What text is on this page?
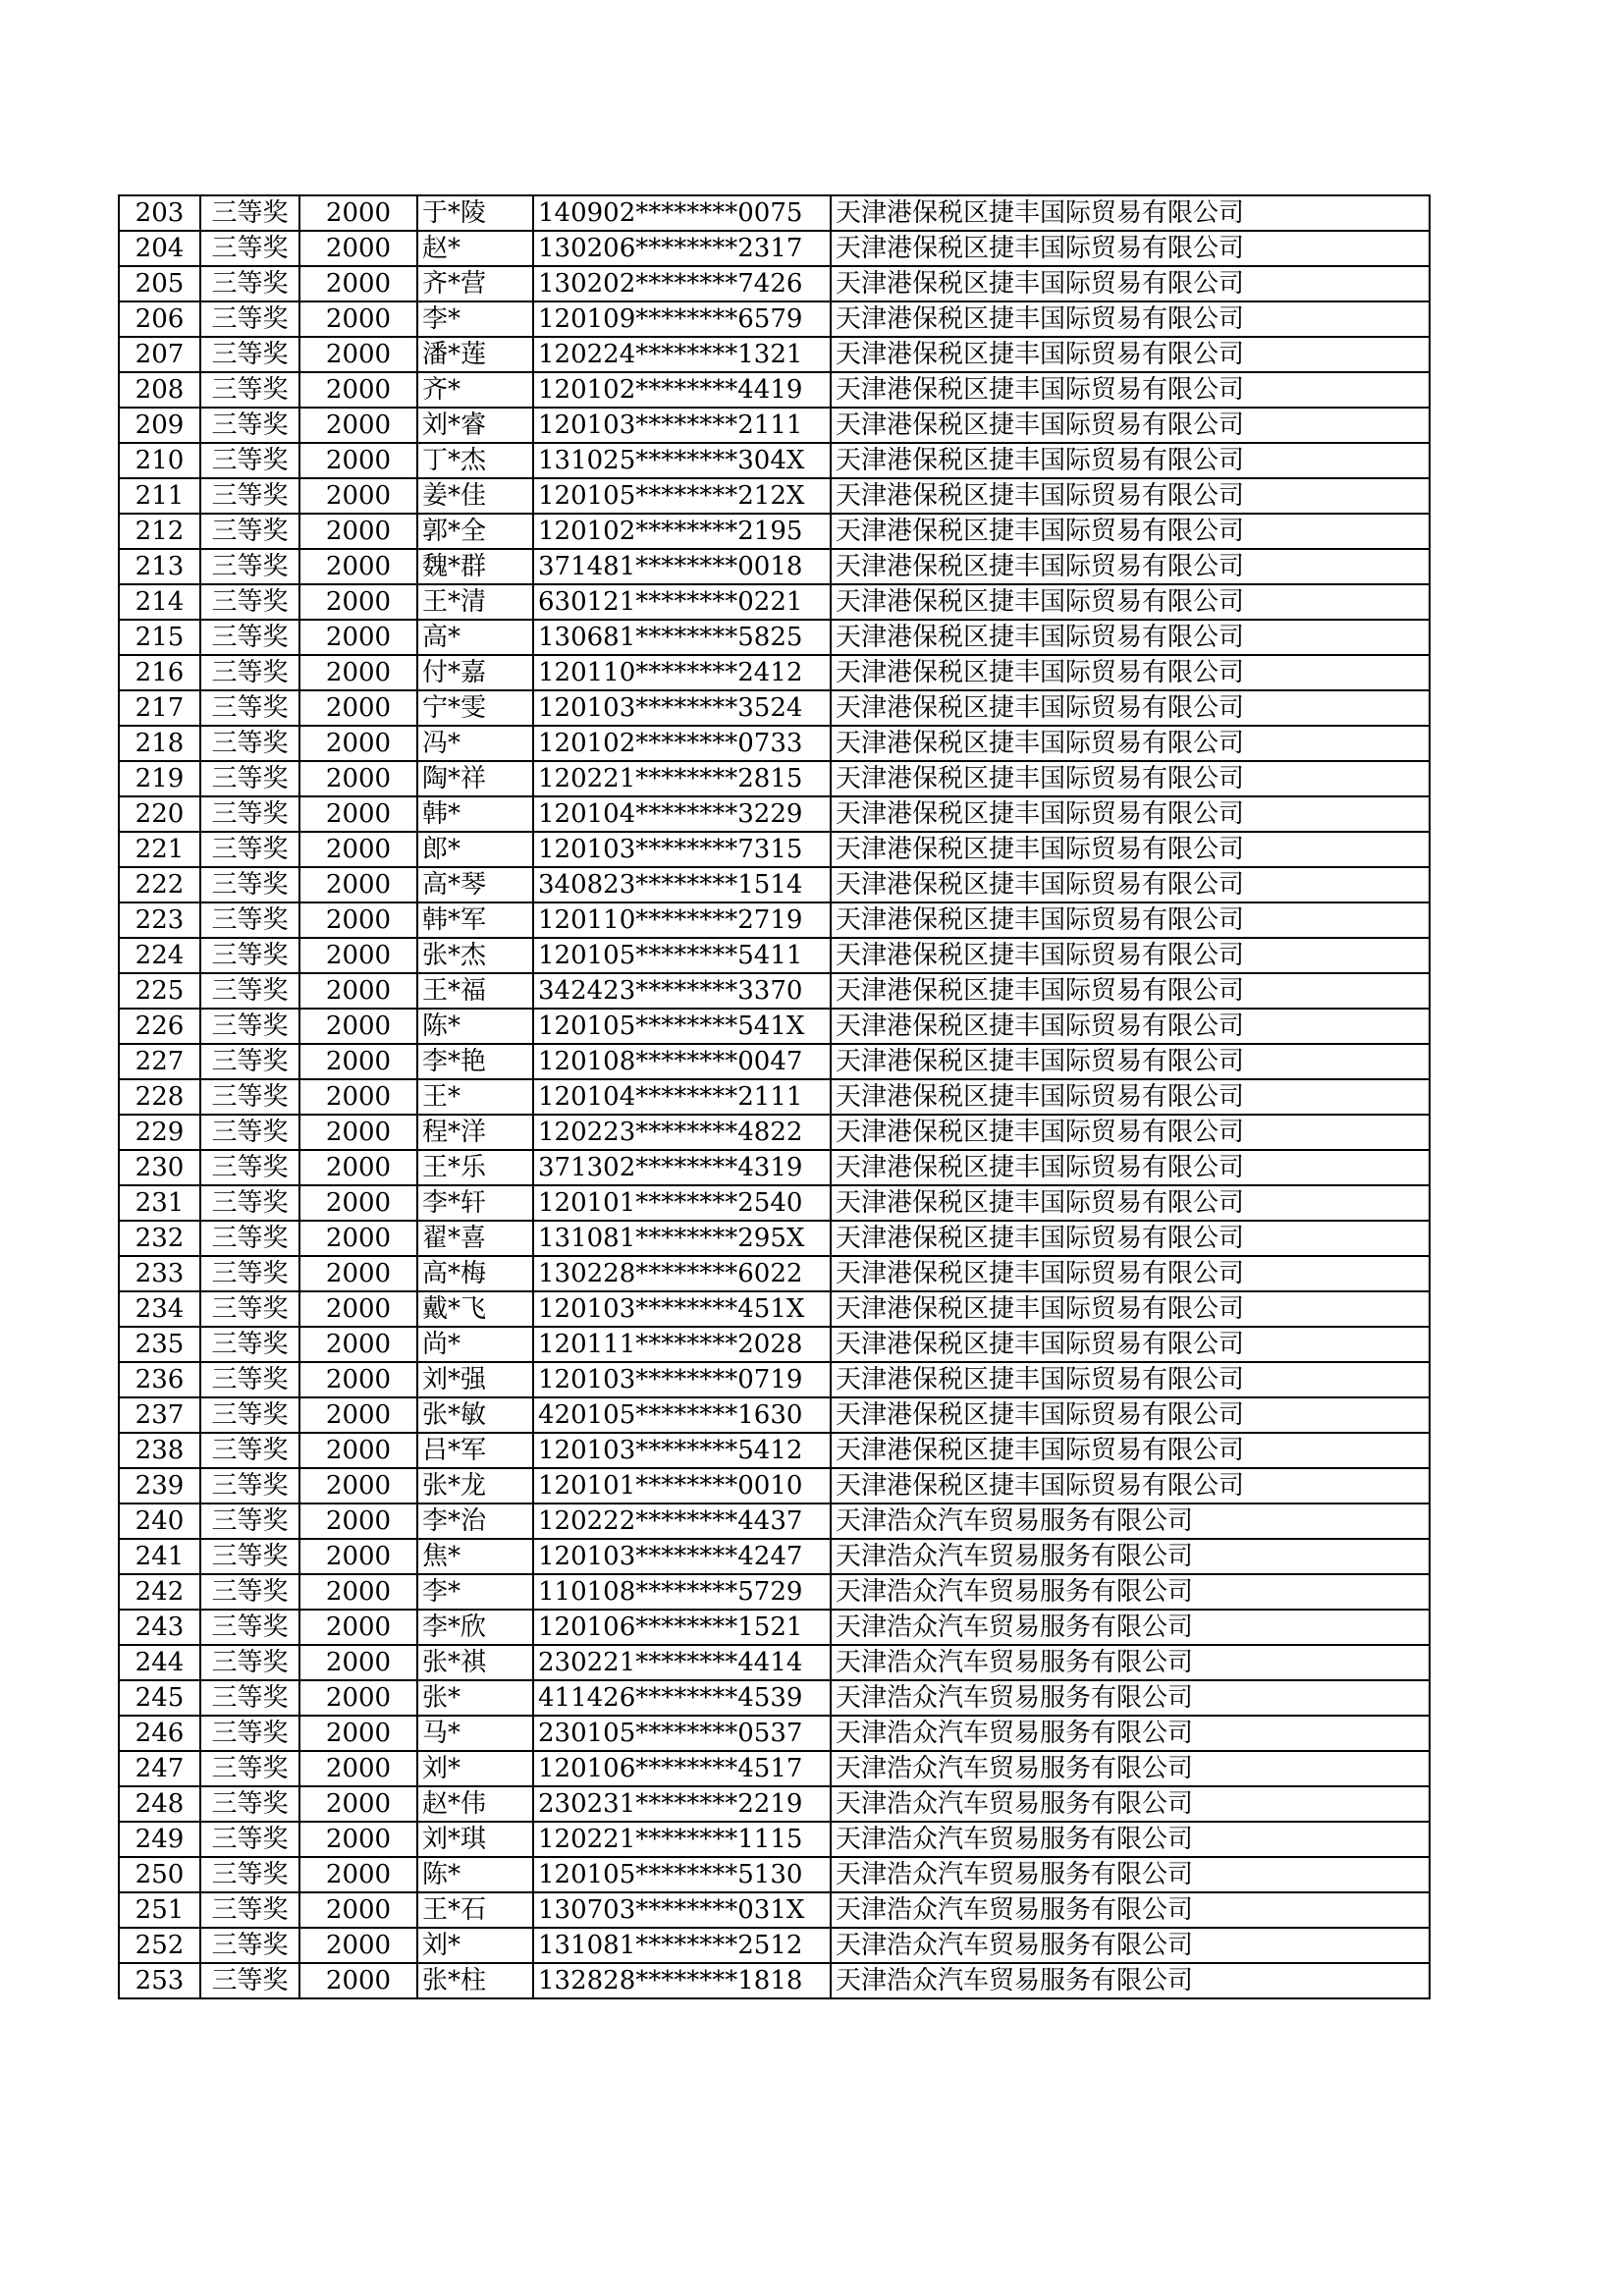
203	三等奖	2000	于*陵	140902********0075	天津港保税区捷丰国际贸易有限公司
204	三等奖	2000	赵*	130206********2317	天津港保税区捷丰国际贸易有限公司
205	三等奖	2000	齐*营	130202********7426	天津港保税区捷丰国际贸易有限公司
206	三等奖	2000	李*	120109********6579	天津港保税区捷丰国际贸易有限公司
207	三等奖	2000	潘*莲	120224********1321	天津港保税区捷丰国际贸易有限公司
208	三等奖	2000	齐*	120102********4419	天津港保税区捷丰国际贸易有限公司
209	三等奖	2000	刘*睿	120103********2111	天津港保税区捷丰国际贸易有限公司
210	三等奖	2000	丁*杰	131025********304X	天津港保税区捷丰国际贸易有限公司
211	三等奖	2000	姜*佳	120105********212X	天津港保税区捷丰国际贸易有限公司
212	三等奖	2000	郭*全	120102********2195	天津港保税区捷丰国际贸易有限公司
213	三等奖	2000	魏*群	371481********0018	天津港保税区捷丰国际贸易有限公司
214	三等奖	2000	王*清	630121********0221	天津港保税区捷丰国际贸易有限公司
215	三等奖	2000	高*	130681********5825	天津港保税区捷丰国际贸易有限公司
216	三等奖	2000	付*嘉	120110********2412	天津港保税区捷丰国际贸易有限公司
217	三等奖	2000	宁*雯	120103********3524	天津港保税区捷丰国际贸易有限公司
218	三等奖	2000	冯*	120102********0733	天津港保税区捷丰国际贸易有限公司
219	三等奖	2000	陶*祥	120221********2815	天津港保税区捷丰国际贸易有限公司
220	三等奖	2000	韩*	120104********3229	天津港保税区捷丰国际贸易有限公司
221	三等奖	2000	郎*	120103********7315	天津港保税区捷丰国际贸易有限公司
222	三等奖	2000	高*琴	340823********1514	天津港保税区捷丰国际贸易有限公司
223	三等奖	2000	韩*军	120110********2719	天津港保税区捷丰国际贸易有限公司
224	三等奖	2000	张*杰	120105********5411	天津港保税区捷丰国际贸易有限公司
225	三等奖	2000	王*福	342423********3370	天津港保税区捷丰国际贸易有限公司
226	三等奖	2000	陈*	120105********541X	天津港保税区捷丰国际贸易有限公司
227	三等奖	2000	李*艳	120108********0047	天津港保税区捷丰国际贸易有限公司
228	三等奖	2000	王*	120104********2111	天津港保税区捷丰国际贸易有限公司
229	三等奖	2000	程*洋	120223********4822	天津港保税区捷丰国际贸易有限公司
230	三等奖	2000	王*乐	371302********4319	天津港保税区捷丰国际贸易有限公司
231	三等奖	2000	李*轩	120101********2540	天津港保税区捷丰国际贸易有限公司
232	三等奖	2000	翟*喜	131081********295X	天津港保税区捷丰国际贸易有限公司
233	三等奖	2000	高*梅	130228********6022	天津港保税区捷丰国际贸易有限公司
234	三等奖	2000	戴*飞	120103********451X	天津港保税区捷丰国际贸易有限公司
235	三等奖	2000	尚*	120111********2028	天津港保税区捷丰国际贸易有限公司
236	三等奖	2000	刘*强	120103********0719	天津港保税区捷丰国际贸易有限公司
237	三等奖	2000	张*敏	420105********1630	天津港保税区捷丰国际贸易有限公司
238	三等奖	2000	吕*军	120103********5412	天津港保税区捷丰国际贸易有限公司
239	三等奖	2000	张*龙	120101********0010	天津港保税区捷丰国际贸易有限公司
240	三等奖	2000	李*治	120222********4437	天津浩众汽车贸易服务有限公司
241	三等奖	2000	焦*	120103********4247	天津浩众汽车贸易服务有限公司
242	三等奖	2000	李*	110108********5729	天津浩众汽车贸易服务有限公司
243	三等奖	2000	李*欣	120106********1521	天津浩众汽车贸易服务有限公司
244	三等奖	2000	张*祺	230221********4414	天津浩众汽车贸易服务有限公司
245	三等奖	2000	张*	411426********4539	天津浩众汽车贸易服务有限公司
246	三等奖	2000	马*	230105********0537	天津浩众汽车贸易服务有限公司
247	三等奖	2000	刘*	120106********4517	天津浩众汽车贸易服务有限公司
248	三等奖	2000	赵*伟	230231********2219	天津浩众汽车贸易服务有限公司
249	三等奖	2000	刘*琪	120221********1115	天津浩众汽车贸易服务有限公司
250	三等奖	2000	陈*	120105********5130	天津浩众汽车贸易服务有限公司
251	三等奖	2000	王*石	130703********031X	天津浩众汽车贸易服务有限公司
252	三等奖	2000	刘*	131081********2512	天津浩众汽车贸易服务有限公司
253	三等奖	2000	张*柱	132828********1818	天津浩众汽车贸易服务有限公司
